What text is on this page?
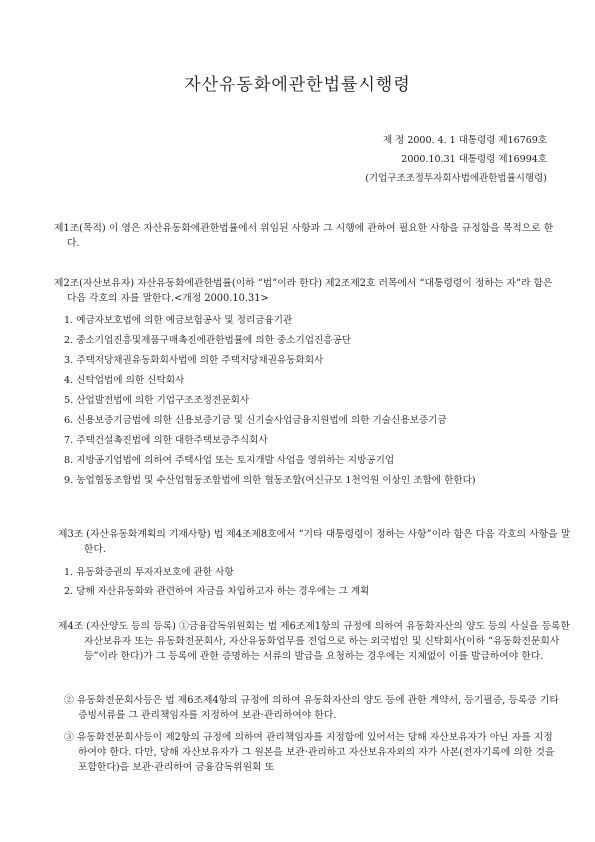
자산유동화에관한법률시행령
제 정 2000. 4. 1 대통령령 제16769호
2000.10.31 대통령령 제16994호
(기업구조조정투자회사법에관한법률시행령)
제1조(목적) 이 영은 자산유동화에관한법률에서 위임된 사항과 그 시행에 관하여 필요한 사항을 규정함을 목적으로 한다.
제2조(자산보유자) 자산유동화에관한법률(이하 “법”이라 한다) 제2조제2호 러목에서 “대통령령이 정하는 자”라 함은 다음 각호의 자를 말한다.<개정 2000.10.31>
1. 예금자보호법에 의한 예금보험공사 및 정리금융기관
2. 중소기업진흥및제품구매촉진에관한법률에 의한 중소기업진흥공단
3. 주택저당채권유동화회사법에 의한 주택저당채권유동화회사
4. 신탁업법에 의한 신탁회사
5. 산업발전법에 의한 기업구조조정전문회사
6. 신용보증기금법에 의한 신용보증기금 및 신기술사업금융지원법에 의한 기술신용보증기금
7. 주택건설촉진법에 의한 대한주택보증주식회사
8. 지방공기업법에 의하여 주택사업 또는 토지개발 사업을 영위하는 지방공기업
9. 농업협동조합법 및 수산업협동조합법에 의한 협동조합(여신규모 1천억원 이상인 조합에 한한다)
제3조 (자산유동화계획의 기재사항) 법 제4조제8호에서 “기타 대통령령이 정하는 사항”이라 함은 다음 각호의 사항을 말한다.
1. 유동화증권의 투자자보호에 관한 사항
2. 당해 자산유동화와 관련하여 자금을 차입하고자 하는 경우에는 그 계획
제4조 (자산양도 등의 등록) ①금융감독위원회는 법 제6조제1항의 규정에 의하여 유동화자산의 양도 등의 사실을 등록한 자산보유자 또는 유동화전문회사, 자산유동화업무를 전업으로 하는 외국법인 및 신탁회사(이하 “유동화전문회사등”이라 한다)가 그 등록에 관한 증명하는 서류의 발급을 요청하는 경우에는 지체없이 이를 발급하여야 한다.
② 유동화전문회사등은 법 제6조제4항의 규정에 의하여 유동화자산의 양도 등에 관한 계약서, 등기필증, 등록증 기타 증빙서류를 그 관리책임자를 지정하여 보관·관리하여야 한다.
③ 유동화전문회사등이 제2항의 규정에 의하여 관리책임자를 지정함에 있어서는 당해 자산보유자가 아닌 자를 지정하여야 한다. 다만, 당해 자산보유자가 그 원본을 보관·관리하고 자산보유자외의 자가 사본(전자기록에 의한 것을 포함한다)을 보관·관리하여 금융감독위원회 또
